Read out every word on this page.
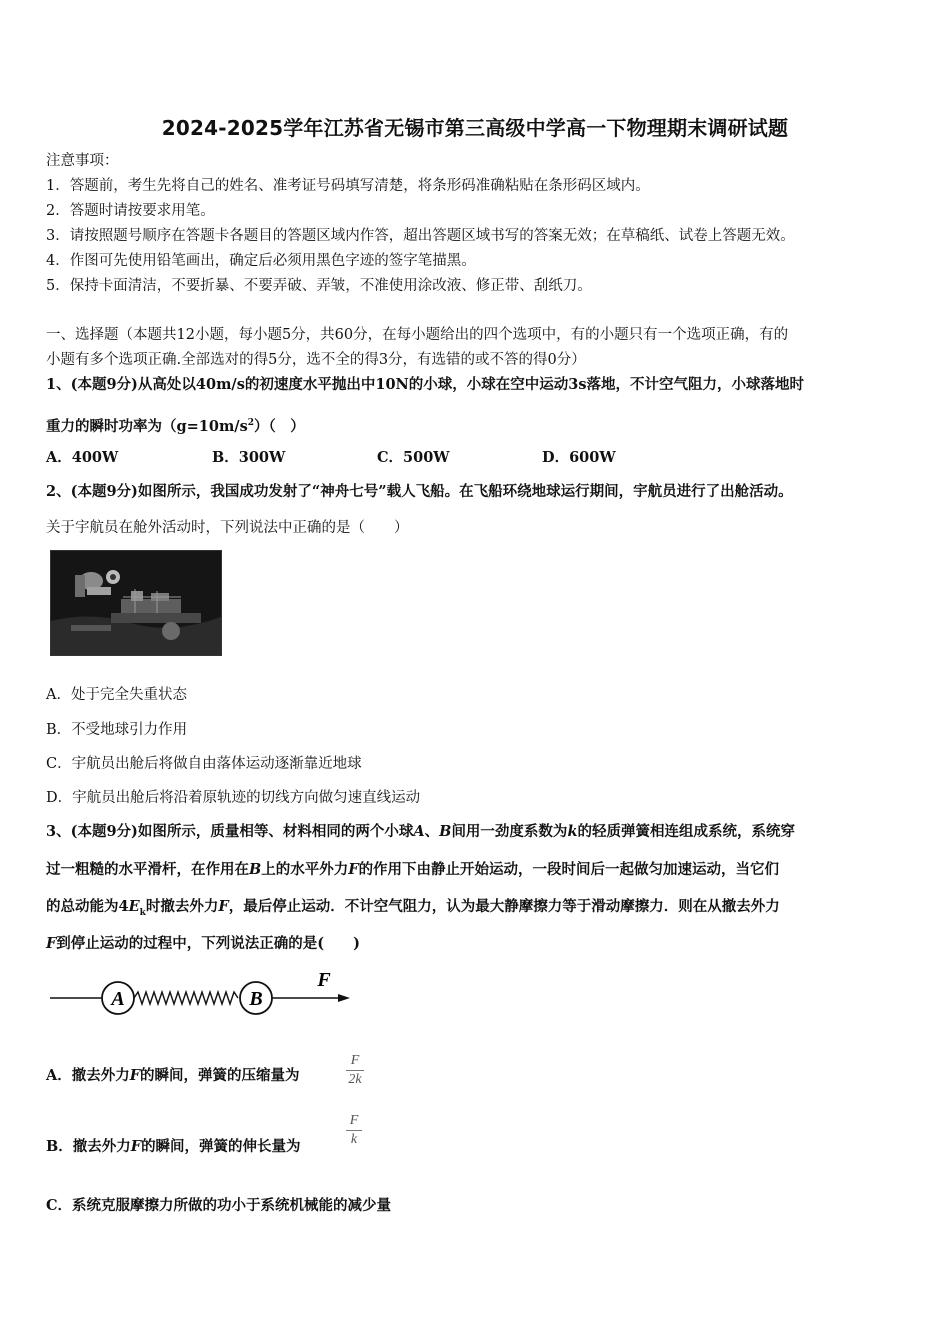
2024-2025学年江苏省无锡市第三高级中学高一下物理期末调研试题
注意事项：
1．答题前，考生先将自己的姓名、准考证号码填写清楚，将条形码准确粘贴在条形码区域内。
2．答题时请按要求用笔。
3．请按照题号顺序在答题卡各题目的答题区域内作答，超出答题区域书写的答案无效；在草稿纸、试卷上答题无效。
4．作图可先使用铅笔画出，确定后必须用黑色字迹的签字笔描黑。
5．保持卡面清洁，不要折暴、不要弄破、弄皱，不准使用涂改液、修正带、刮纸刀。
一、选择题（本题共12小题，每小题5分，共60分，在每小题给出的四个选项中，有的小题只有一个选项正确，有的
小题有多个选项正确.全部选对的得5分，选不全的得3分，有选错的或不答的得0分）
1、(本题9分)从高处以40m/s的初速度水平抛出中10N的小球，小球在空中运动3s落地，不计空气阻力，小球落地时
重力的瞬时功率为$(g=10m/s^2)$（　）
A．400W	B．300W	C．500W	D．600W
2、(本题9分)如图所示，我国成功发射了“神舟七号”载人飞船。在飞船环绕地球运行期间，宇航员进行了出舱活动。
关于宇航员在舱外活动时，下列说法中正确的是（　　）
A．处于完全失重状态
B．不受地球引力作用
C．宇航员出舱后将做自由落体运动逐渐靠近地球
D．宇航员出舱后将沿着原轨迹的切线方向做匀速直线运动
3、(本题9分)如图所示，质量相等、材料相同的两个小球A、B间用一劲度系数为k的轻质弹簧相连组成系统，系统穿
过一粗糙的水平滑杆，在作用在B上的水平外力F的作用下由静止开始运动，一段时间后一起做匀加速运动，当它们
的总动能为$4E_k$时撤去外力F，最后停止运动．不计空气阻力，认为最大静摩擦力等于滑动摩擦力．则在从撤去外力
F到停止运动的过程中，下列说法正确的是(　　)
A	B
F
A．撤去外力F的瞬间，弹簧的压缩量为
F
2k
B．撤去外力F的瞬间，弹簧的伸长量为
F
k
C．系统克服摩擦力所做的功小于系统机械能的减少量
